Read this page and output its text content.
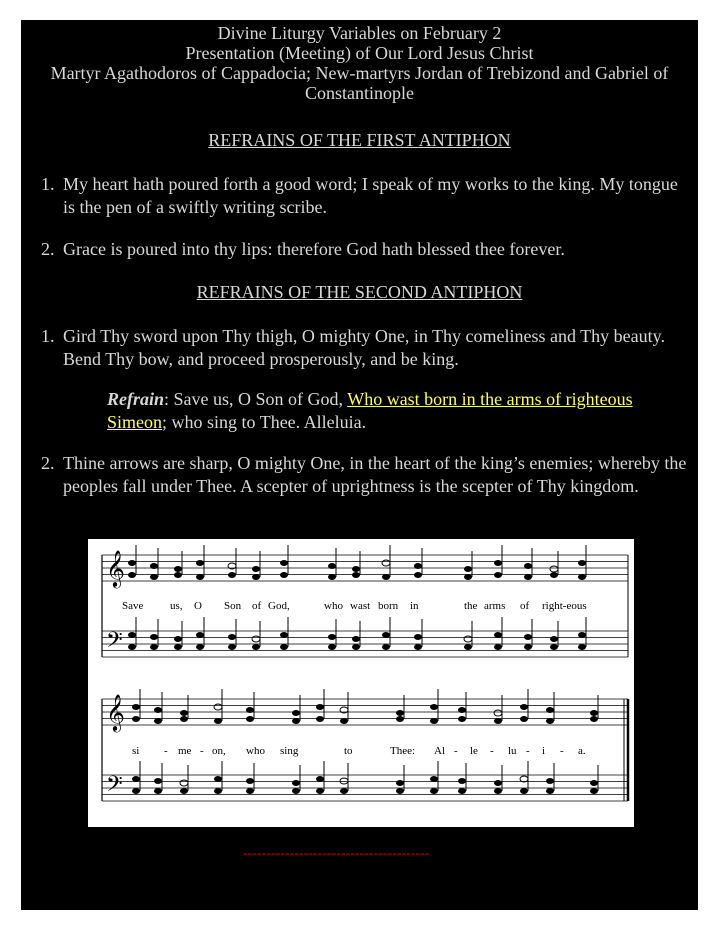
Divine Liturgy Variables on February 2
Presentation (Meeting) of Our Lord Jesus Christ
Martyr Agathodoros of Cappadocia; New-martyrs Jordan of Trebizond and Gabriel of Constantinople
REFRAINS OF THE FIRST ANTIPHON
1. My heart hath poured forth a good word; I speak of my works to the king. My tongue is the pen of a swiftly writing scribe.
2. Grace is poured into thy lips: therefore God hath blessed thee forever.
REFRAINS OF THE SECOND ANTIPHON
1. Gird Thy sword upon Thy thigh, O mighty One, in Thy comeliness and Thy beauty. Bend Thy bow, and proceed prosperously, and be king.
Refrain: Save us, O Son of God, Who wast born in the arms of righteous Simeon; who sing to Thee. Alleluia.
2. Thine arrows are sharp, O mighty One, in the heart of the king’s enemies; whereby the peoples fall under Thee. A scepter of uprightness is the scepter of Thy kingdom.
𝄞
𝄞
𝄢
𝄢
Save us, O Son of God,	who wast born in	the arms of right-eous
si - me - on, who sing	to	Thee: Al - le - lu - i - a.
----------------------------------------
